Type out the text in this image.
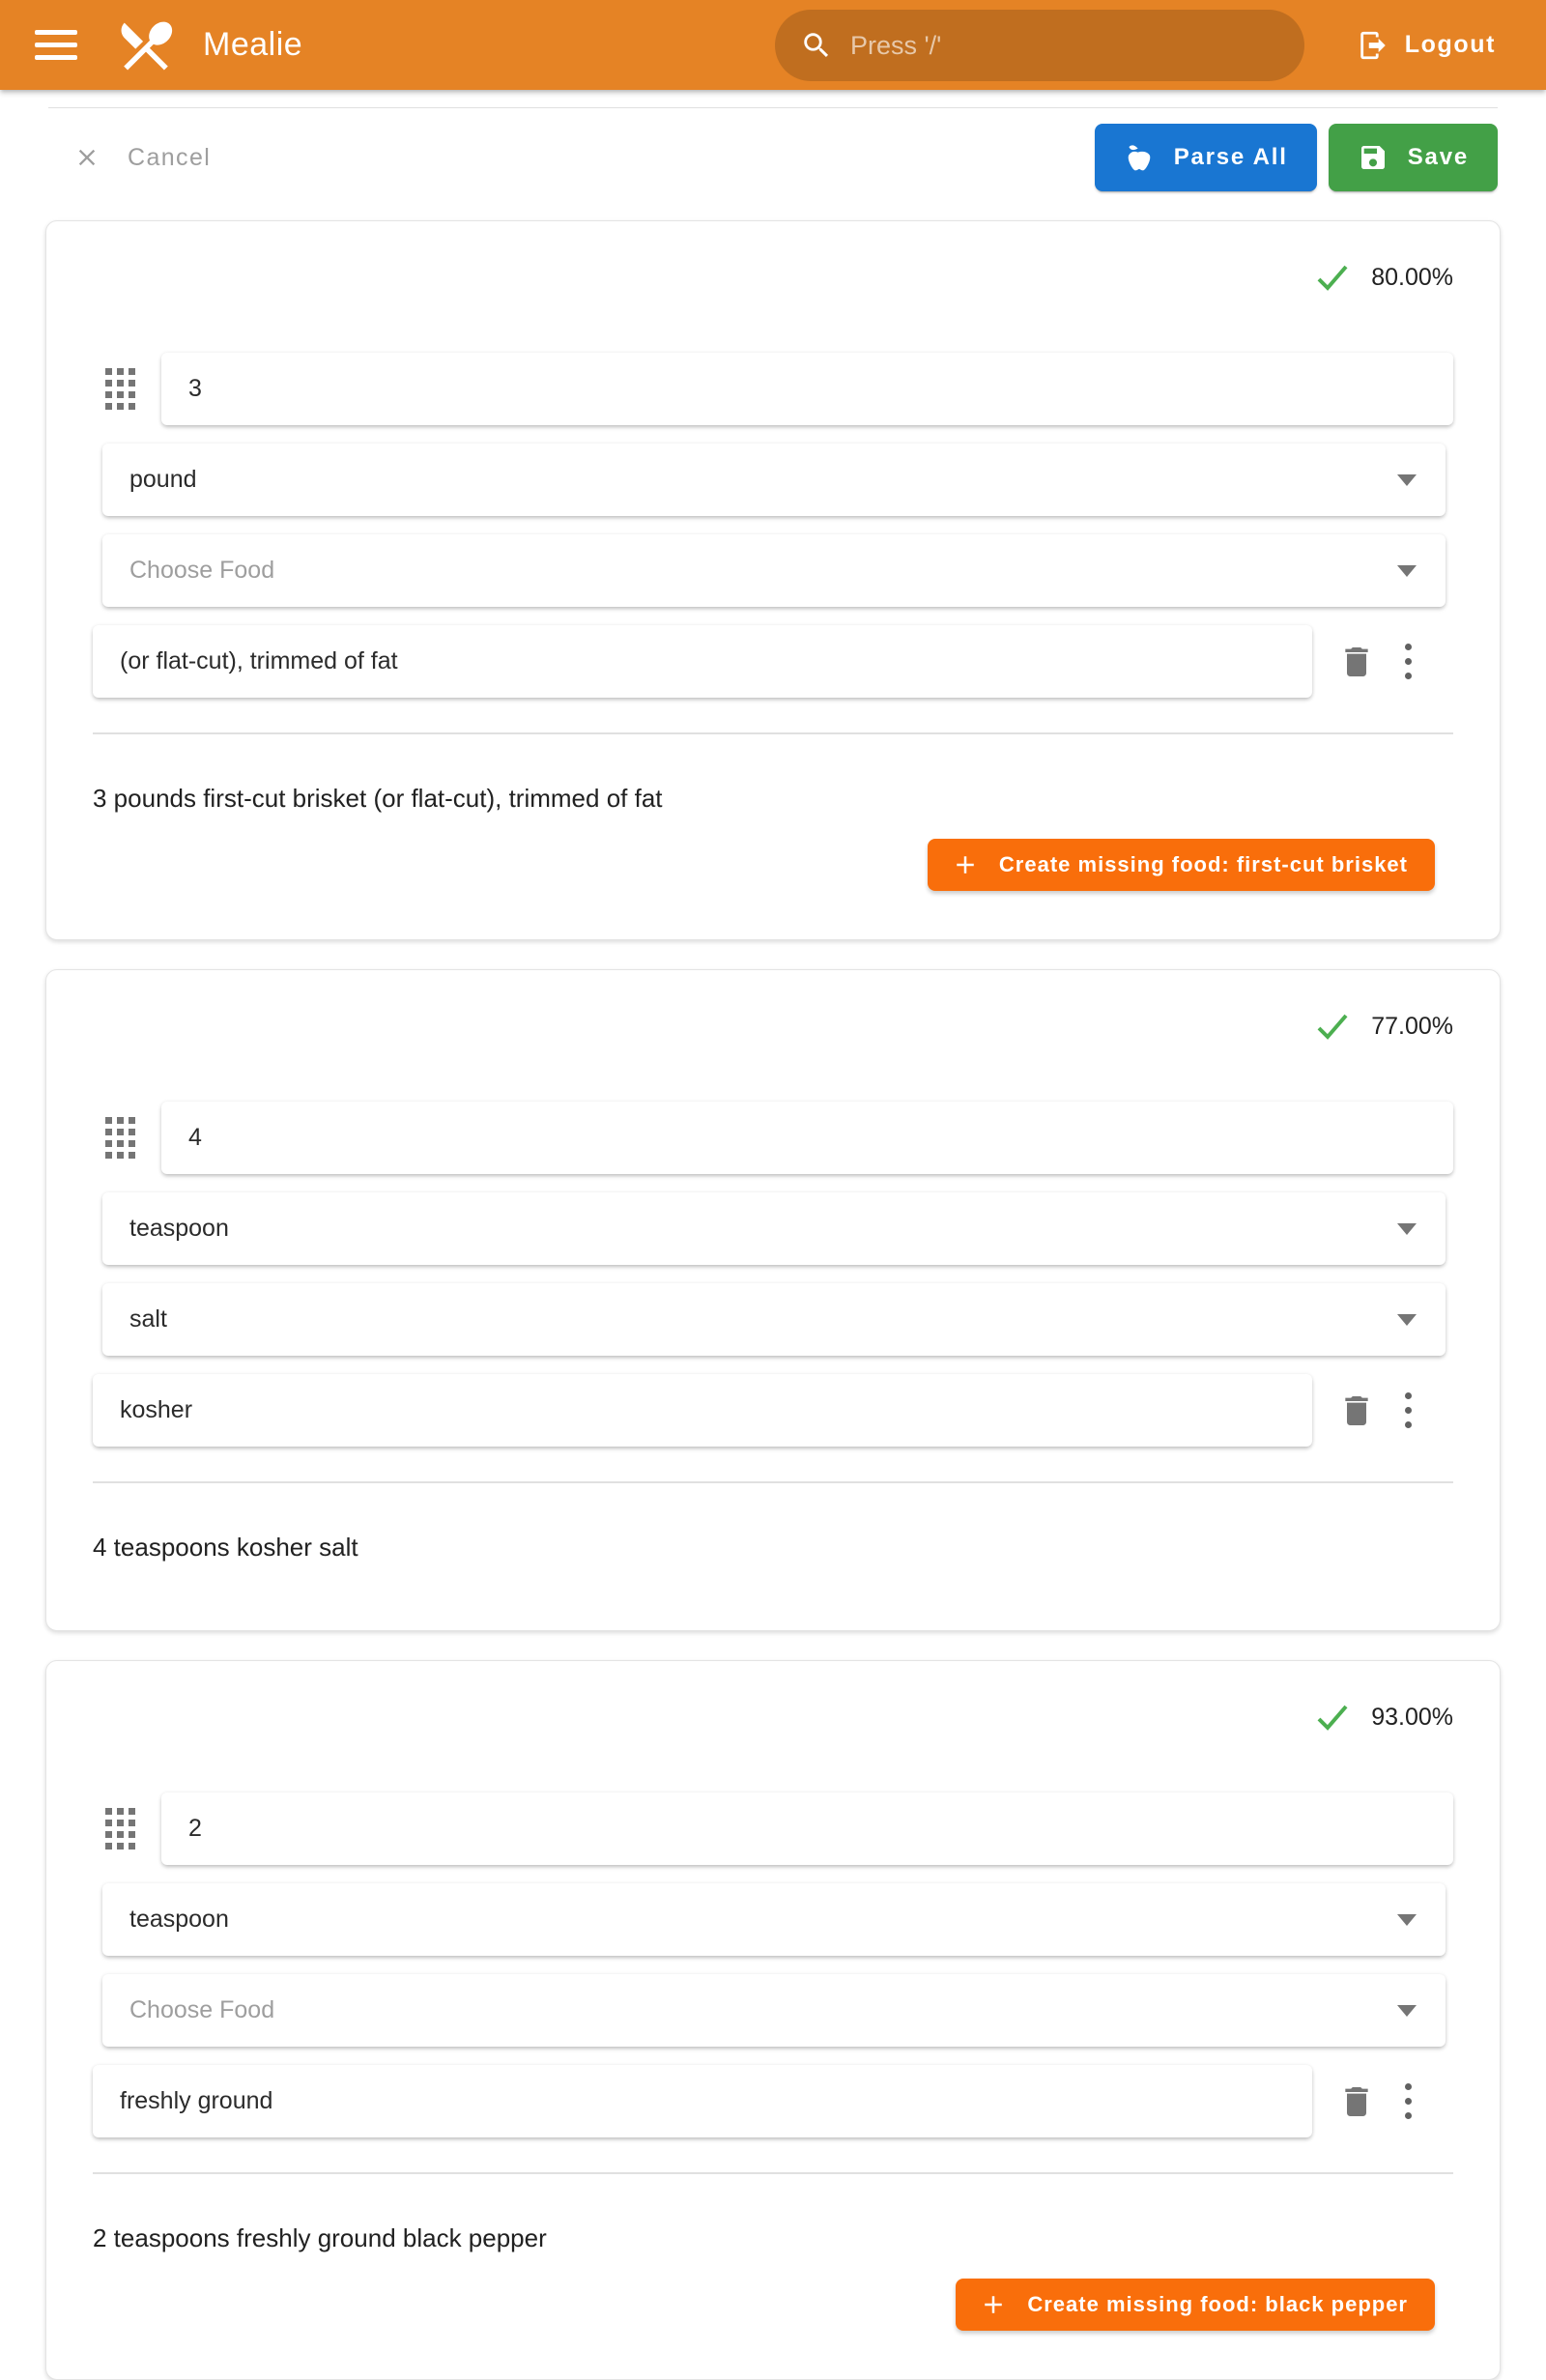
Mealie
Press '/'	Logout
Cancel	Parse All	Save
80.00%
3
pound
Choose Food
(or flat-cut), trimmed of fat

3 pounds first-cut brisket (or flat-cut), trimmed of fat

Create missing food: first-cut brisket
77.00%
4
teaspoon
salt
kosher

4 teaspoons kosher salt

93.00%
2
teaspoon
Choose Food
freshly ground

2 teaspoons freshly ground black pepper

Create missing food: black pepper
